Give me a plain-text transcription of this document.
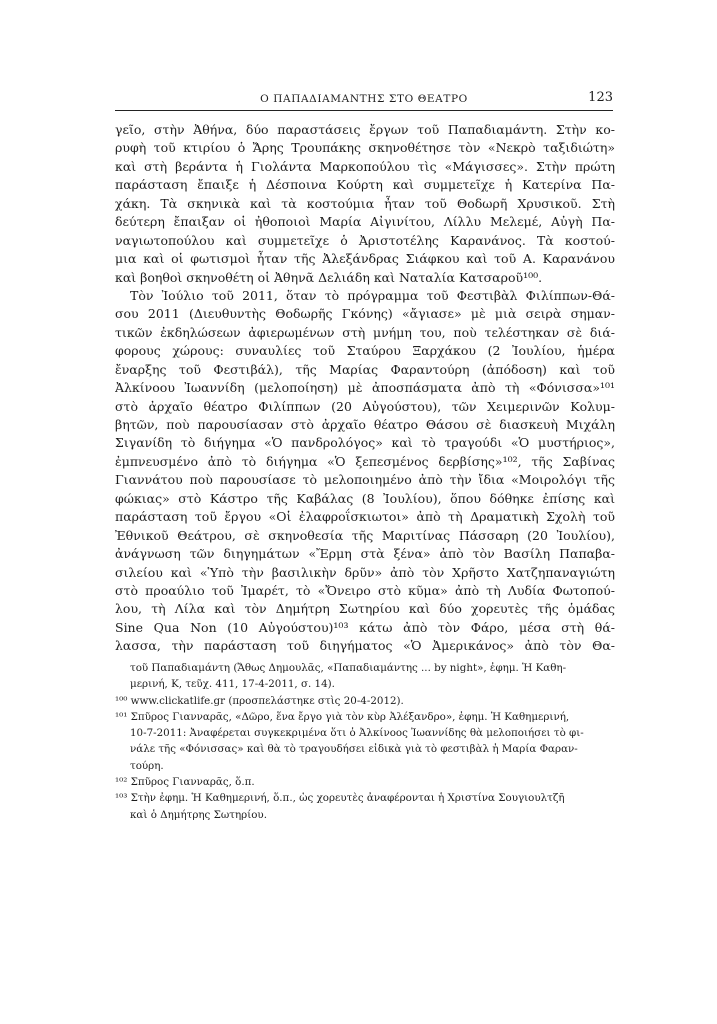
Ο ΠΑΠΑΔΙΑΜΑΝΤΗΣ ΣΤΟ ΘΕΑΤΡΟ	123
γεῖο, στὴν Ἀθήνα, δύο παραστάσεις ἔργων τοῦ Παπαδιαμάντη. Στὴν κο-
ρυφὴ τοῦ κτιρίου ὁ Ἄρης Τρουπάκης σκηνοθέτησε τὸν «Νεκρὸ ταξιδιώτη»
καὶ στὴ βεράντα ἡ Γιολάντα Μαρκοπούλου τὶς «Μάγισσες». Στὴν πρώτη
παράσταση ἔπαιξε ἡ Δέσποινα Κούρτη καὶ συμμετεῖχε ἡ Κατερίνα Πα-
χάκη. Τὰ σκηνικὰ καὶ τὰ κοστούμια ἦταν τοῦ Θοδωρῆ Χρυσικοῦ. Στὴ
δεύτερη ἔπαιξαν οἱ ἠθοποιοὶ Μαρία Αἰγινίτου, Λίλλυ Μελεμέ, Αὐγὴ Πα-
ναγιωτοπούλου καὶ συμμετεῖχε ὁ Ἀριστοτέλης Καρανάνος. Τὰ κοστού-
μια καὶ οἱ φωτισμοὶ ἦταν τῆς Ἀλεξάνδρας Σιάφκου καὶ τοῦ Α. Καρανάνου
καὶ βοηθοὶ σκηνοθέτη οἱ Ἀθηνᾶ Δελιάδη καὶ Ναταλία Κατσαροῦ¹⁰⁰.
Τὸν Ἰούλιο τοῦ 2011, ὅταν τὸ πρόγραμμα τοῦ Φεστιβὰλ Φιλίππων-Θά-
σου 2011 (Διευθυντὴς Θοδωρῆς Γκόνης) «ἄγιασε» μὲ μιὰ σειρὰ σημαν-
τικῶν ἐκδηλώσεων ἀφιερωμένων στὴ μνήμη του, ποὺ τελέστηκαν σὲ διά-
φορους χώρους: συναυλίες τοῦ Σταύρου Ξαρχάκου (2 Ἰουλίου, ἡμέρα
ἔναρξης τοῦ Φεστιβάλ), τῆς Μαρίας Φαραντούρη (ἀπόδοση) καὶ τοῦ
Ἀλκίνοου Ἰωαννίδη (μελοποίηση) μὲ ἀποσπάσματα ἀπὸ τὴ «Φόνισσα»¹⁰¹
στὸ ἀρχαῖο θέατρο Φιλίππων (20 Αὐγούστου), τῶν Χειμερινῶν Κολυμ-
βητῶν, ποὺ παρουσίασαν στὸ ἀρχαῖο θέατρο Θάσου σὲ διασκευὴ Μιχάλη
Σιγανίδη τὸ διήγημα «Ὁ πανδρολόγος» καὶ τὸ τραγούδι «Ὁ μυστήριος»,
ἐμπνευσμένο ἀπὸ τὸ διήγημα «Ὁ ξεπεσμένος δερβίσης»¹⁰², τῆς Σαβίνας
Γιαννάτου ποὺ παρουσίασε τὸ μελοποιημένο ἀπὸ τὴν ἴδια «Μοιρολόγι τῆς
φώκιας» στὸ Κάστρο τῆς Καβάλας (8 Ἰουλίου), ὅπου δόθηκε ἐπίσης καὶ
παράσταση τοῦ ἔργου «Οἱ ἐλαφροΐσκιωτοι» ἀπὸ τὴ Δραματικὴ Σχολὴ τοῦ
Ἐθνικοῦ Θεάτρου, σὲ σκηνοθεσία τῆς Μαριτίνας Πάσσαρη (20 Ἰουλίου),
ἀνάγνωση τῶν διηγημάτων «Ἔρμη στὰ ξένα» ἀπὸ τὸν Βασίλη Παπαβα-
σιλείου καὶ «Ὑπὸ τὴν βασιλικὴν δρῦν» ἀπὸ τὸν Χρῆστο Χατζηπαναγιώτη
στὸ προαύλιο τοῦ Ἰμαρέτ, τὸ «Ὄνειρο στὸ κῦμα» ἀπὸ τὴ Λυδία Φωτοπού-
λου, τὴ Λίλα καὶ τὸν Δημήτρη Σωτηρίου καὶ δύο χορευτὲς τῆς ὁμάδας
Sine Qua Non (10 Αὐγούστου)¹⁰³ κάτω ἀπὸ τὸν Φάρο, μέσα στὴ θά-
λασσα, τὴν παράσταση τοῦ διηγήματος «Ὁ Ἀμερικάνος» ἀπὸ τὸν Θα-
τοῦ Παπαδιαμάντη (Ἄθως Δημουλᾶς, «Παπαδιαμάντης ... by night», ἐφημ. Ἡ Καθη-
μερινή, Κ, τεῦχ. 411, 17-4-2011, σ. 14).
¹⁰⁰ www.clickatlife.gr (προσπελάστηκε στὶς 20-4-2012).
¹⁰¹ Σπῦρος Γιανναρᾶς, «Δῶρο, ἕνα ἔργο γιὰ τὸν κὺρ Ἀλέξανδρο», ἐφημ. Ἡ Καθημερινή,
10-7-2011: Ἀναφέρεται συγκεκριμένα ὅτι ὁ Ἀλκίνοος Ἰωαννίδης θὰ μελοποιήσει τὸ φι-
νάλε τῆς «Φόνισσας» καὶ θὰ τὸ τραγουδήσει εἰδικὰ γιὰ τὸ φεστιβὰλ ἡ Μαρία Φαραν-
τούρη.
¹⁰² Σπῦρος Γιανναρᾶς, ὅ.π.
¹⁰³ Στὴν ἐφημ. Ἡ Καθημερινή, ὅ.π., ὡς χορευτὲς ἀναφέρονται ἡ Χριστίνα Σουγιουλτζῆ
καὶ ὁ Δημήτρης Σωτηρίου.
